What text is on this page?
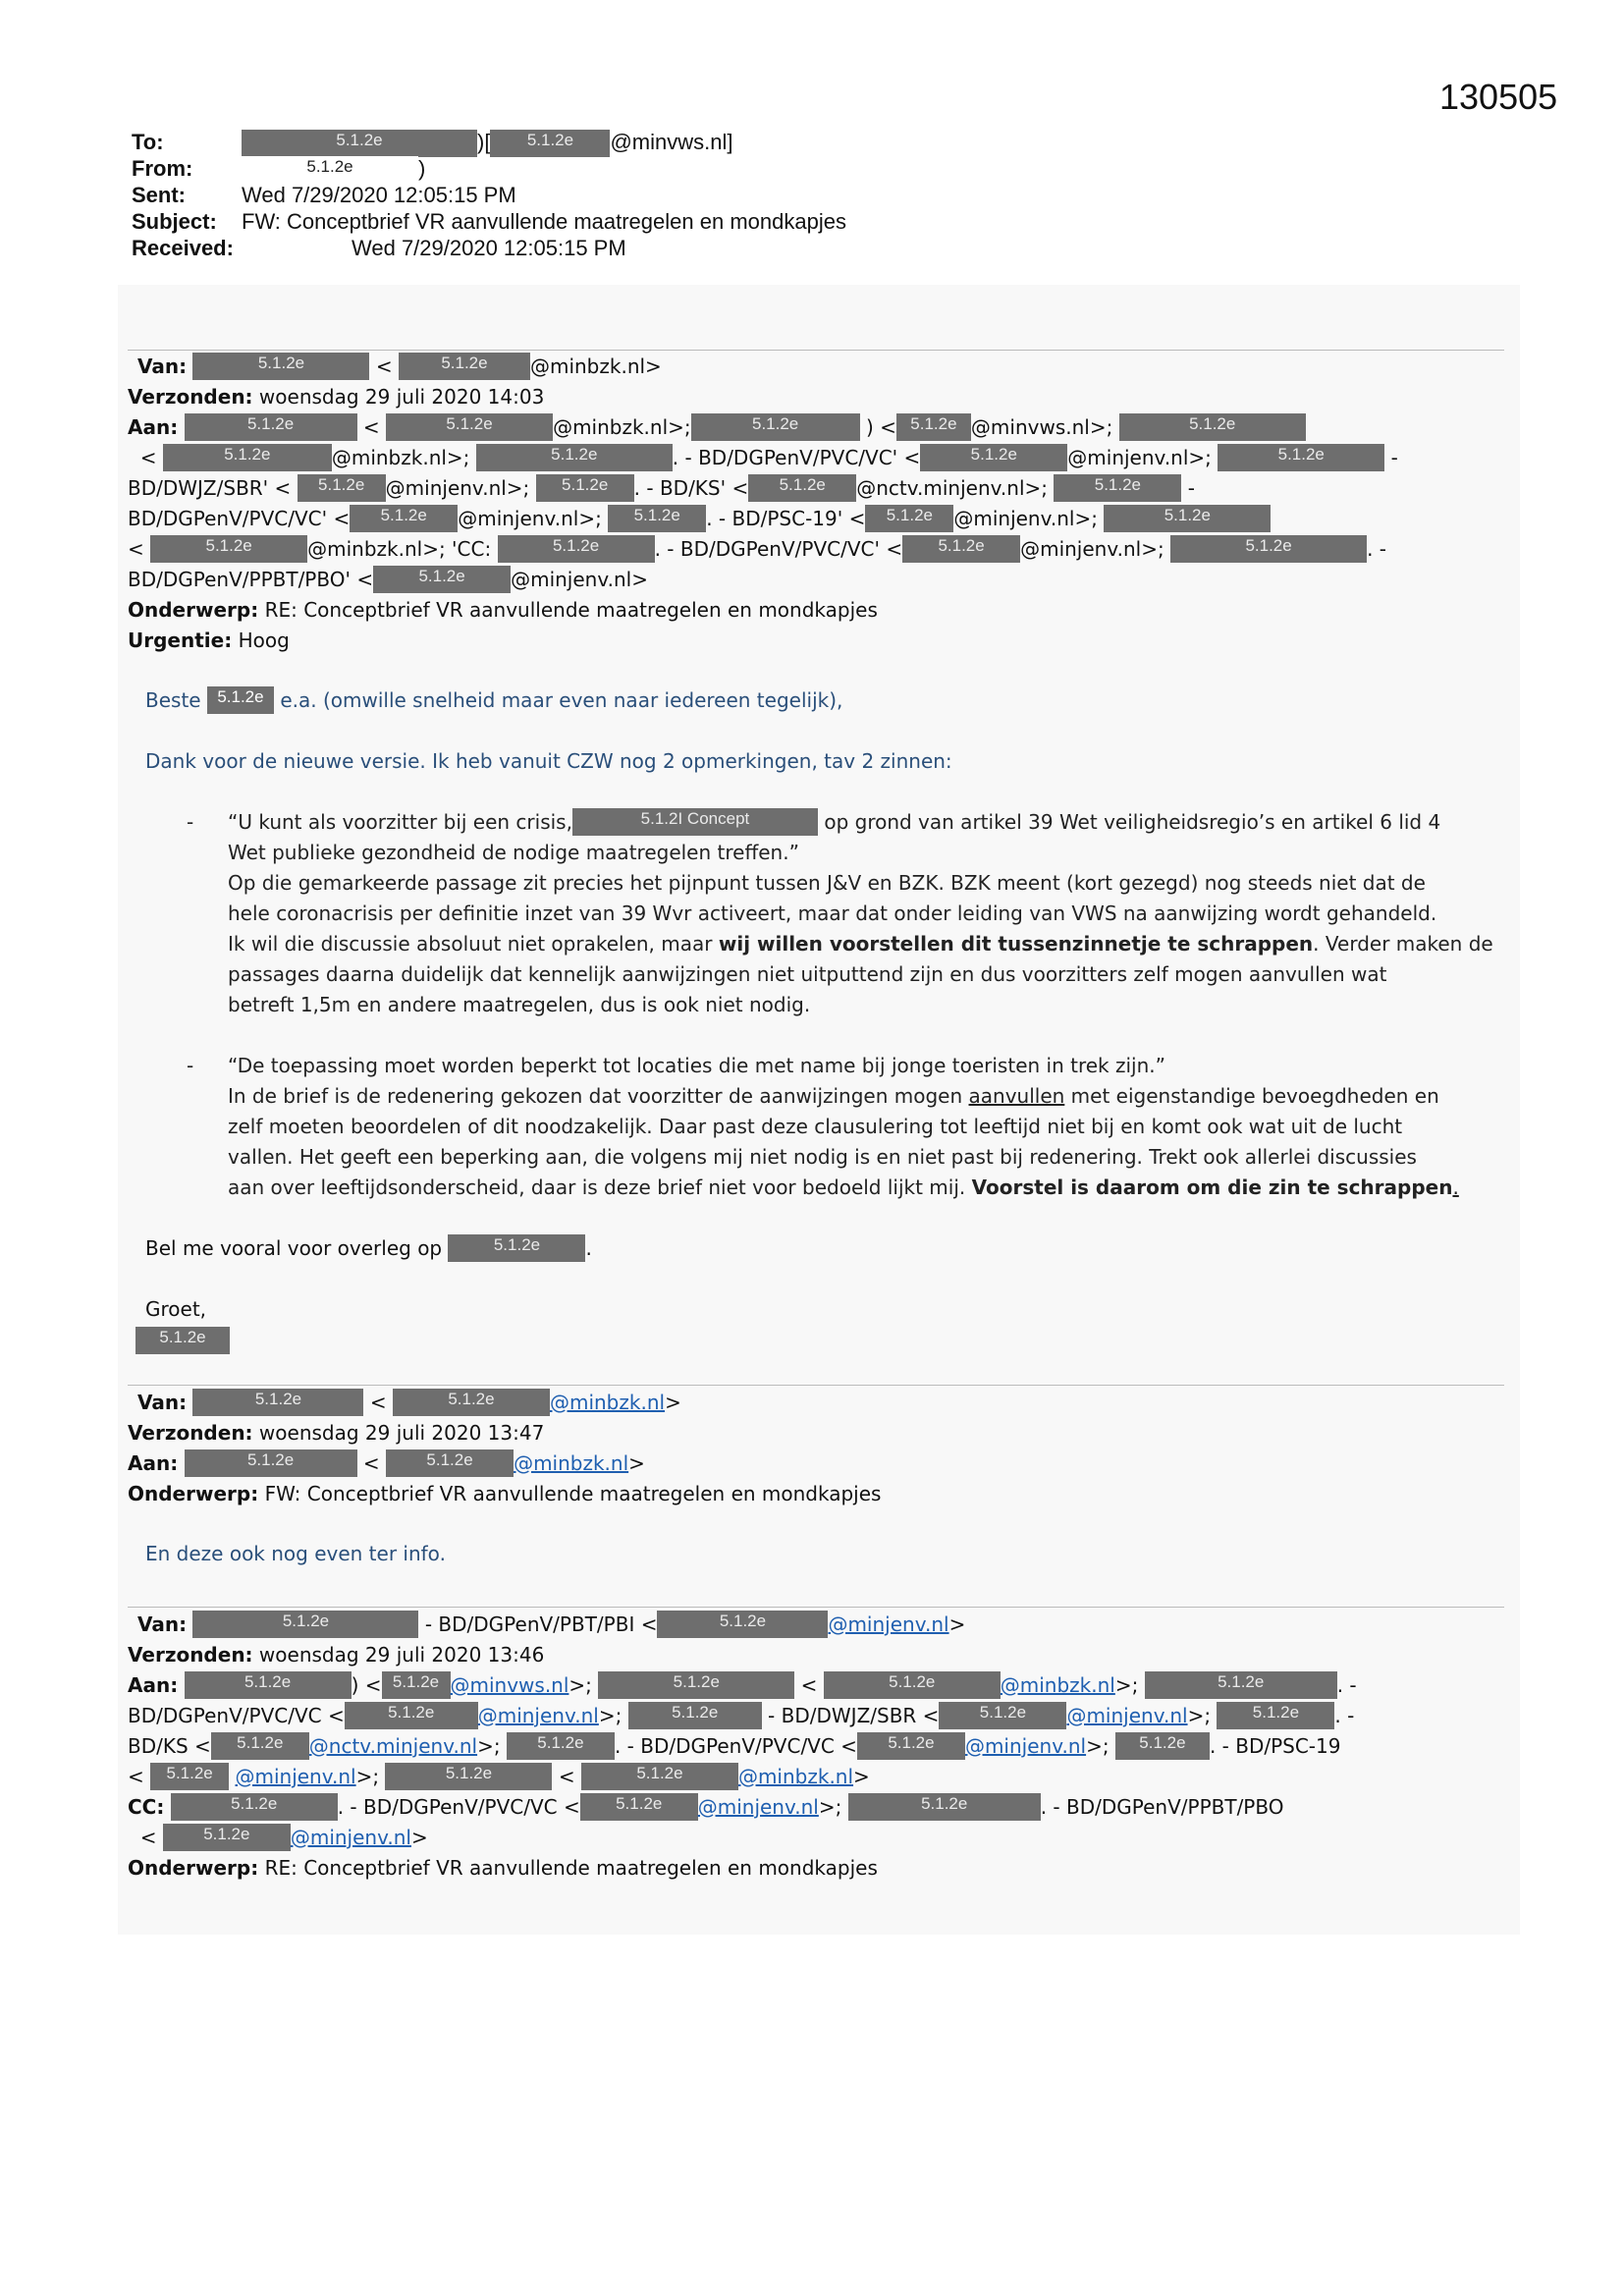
130505
To:	5.1.2e	)[ 5.1.2e @minvws.nl]
From:	5.1.2e	)
Sent:	Wed 7/29/2020 12:05:15 PM
Subject: FW: Conceptbrief VR aanvullende maatregelen en mondkapjes
Received:	Wed 7/29/2020 12:05:15 PM
Van:	5.1.2e	<	5.1.2e @minbzk.nl>
Verzonden: woensdag 29 juli 2020 14:03
Aan:	5.1.2e	<	5.1.2e	@minbzk.nl>;	5.1.2e	) < 5.1.2e @minvws.nl>;	5.1.2e
<	5.1.2e	@minbzk.nl>;	5.1.2e	. - BD/DGPenV/PVC/VC' <	5.1.2e	@minjenv.nl>;	5.1.2e	-
BD/DWJZ/SBR' < 5.1.2e @minjenv.nl>; 5.1.2e . - BD/KS' < 5.1.2e @nctv.minjenv.nl>;	5.1.2e -
BD/DGPenV/PVC/VC' < 5.1.2e @minjenv.nl>; 5.1.2e . - BD/PSC-19' < 5.1.2e @minjenv.nl>;	5.1.2e
<	5.1.2e	@minbzk.nl>; 'CC:	5.1.2e	. - BD/DGPenV/PVC/VC' < 5.1.2e @minjenv.nl>;	5.1.2e	. -
BD/DGPenV/PPBT/PBO' <	5.1.2e @minjenv.nl>
Onderwerp: RE: Conceptbrief VR aanvullende maatregelen en mondkapjes
Urgentie: Hoog
Beste 5.1.2e e.a. (omwille snelheid maar even naar iedereen tegelijk),
Dank voor de nieuwe versie. Ik heb vanuit CZW nog 2 opmerkingen, tav 2 zinnen:
- “U kunt als voorzitter bij een crisis,	5.1.2I Concept	op grond van artikel 39 Wet veiligheidsregio’s en artikel 6 lid 4
Wet publieke gezondheid de nodige maatregelen treffen.”
Op die gemarkeerde passage zit precies het pijnpunt tussen J&V en BZK. BZK meent (kort gezegd) nog steeds niet dat de
hele coronacrisis per definitie inzet van 39 Wvr activeert, maar dat onder leiding van VWS na aanwijzing wordt gehandeld.
Ik wil die discussie absoluut niet oprakelen, maar wij willen voorstellen dit tussenzinnetje te schrappen. Verder maken de
passages daarna duidelijk dat kennelijk aanwijzingen niet uitputtend zijn en dus voorzitters zelf mogen aanvullen wat
betreft 1,5m en andere maatregelen, dus is ook niet nodig.
- “De toepassing moet worden beperkt tot locaties die met name bij jonge toeristen in trek zijn.”
In de brief is de redenering gekozen dat voorzitter de aanwijzingen mogen aanvullen met eigenstandige bevoegdheden en
zelf moeten beoordelen of dit noodzakelijk. Daar past deze clausulering tot leeftijd niet bij en komt ook wat uit de lucht
vallen. Het geeft een beperking aan, die volgens mij niet nodig is en niet past bij redenering. Trekt ook allerlei discussies
aan over leeftijdsonderscheid, daar is deze brief niet voor bedoeld lijkt mij. Voorstel is daarom om die zin te schrappen.
Bel me vooral voor overleg op	5.1.2e .
Groet,
5.1.2e
Van:	5.1.2e	<	5.1.2e	@minbzk.nl>
Verzonden: woensdag 29 juli 2020 13:47
Aan:	5.1.2e	< 5.1.2e @minbzk.nl>
Onderwerp: FW: Conceptbrief VR aanvullende maatregelen en mondkapjes
En deze ook nog even ter info.
Van:	5.1.2e	- BD/DGPenV/PBT/PBI <	5.1.2e	@minjenv.nl>
Verzonden: woensdag 29 juli 2020 13:46
Aan:	5.1.2e	) < 5.1.2e @minvws.nl>;	5.1.2e	<	5.1.2e	@minbzk.nl>;	5.1.2e	. -
BD/DGPenV/PVC/VC <	5.1.2e @minjenv.nl>;	5.1.2e - BD/DWJZ/SBR < 5.1.2e @minjenv.nl>;	5.1.2e . -
BD/KS < 5.1.2e @nctv.minjenv.nl>; 5.1.2e . - BD/DGPenV/PVC/VC < 5.1.2e @minjenv.nl>; 5.1.2e . - BD/PSC-19
< 5.1.2e @minjenv.nl>;	5.1.2e	<	5.1.2e	@minbzk.nl>
CC:	5.1.2e	. - BD/DGPenV/PVC/VC < 5.1.2e @minjenv.nl>;	5.1.2e	. - BD/DGPenV/PPBT/PBO
<	5.1.2e @minjenv.nl>
Onderwerp: RE: Conceptbrief VR aanvullende maatregelen en mondkapjes
